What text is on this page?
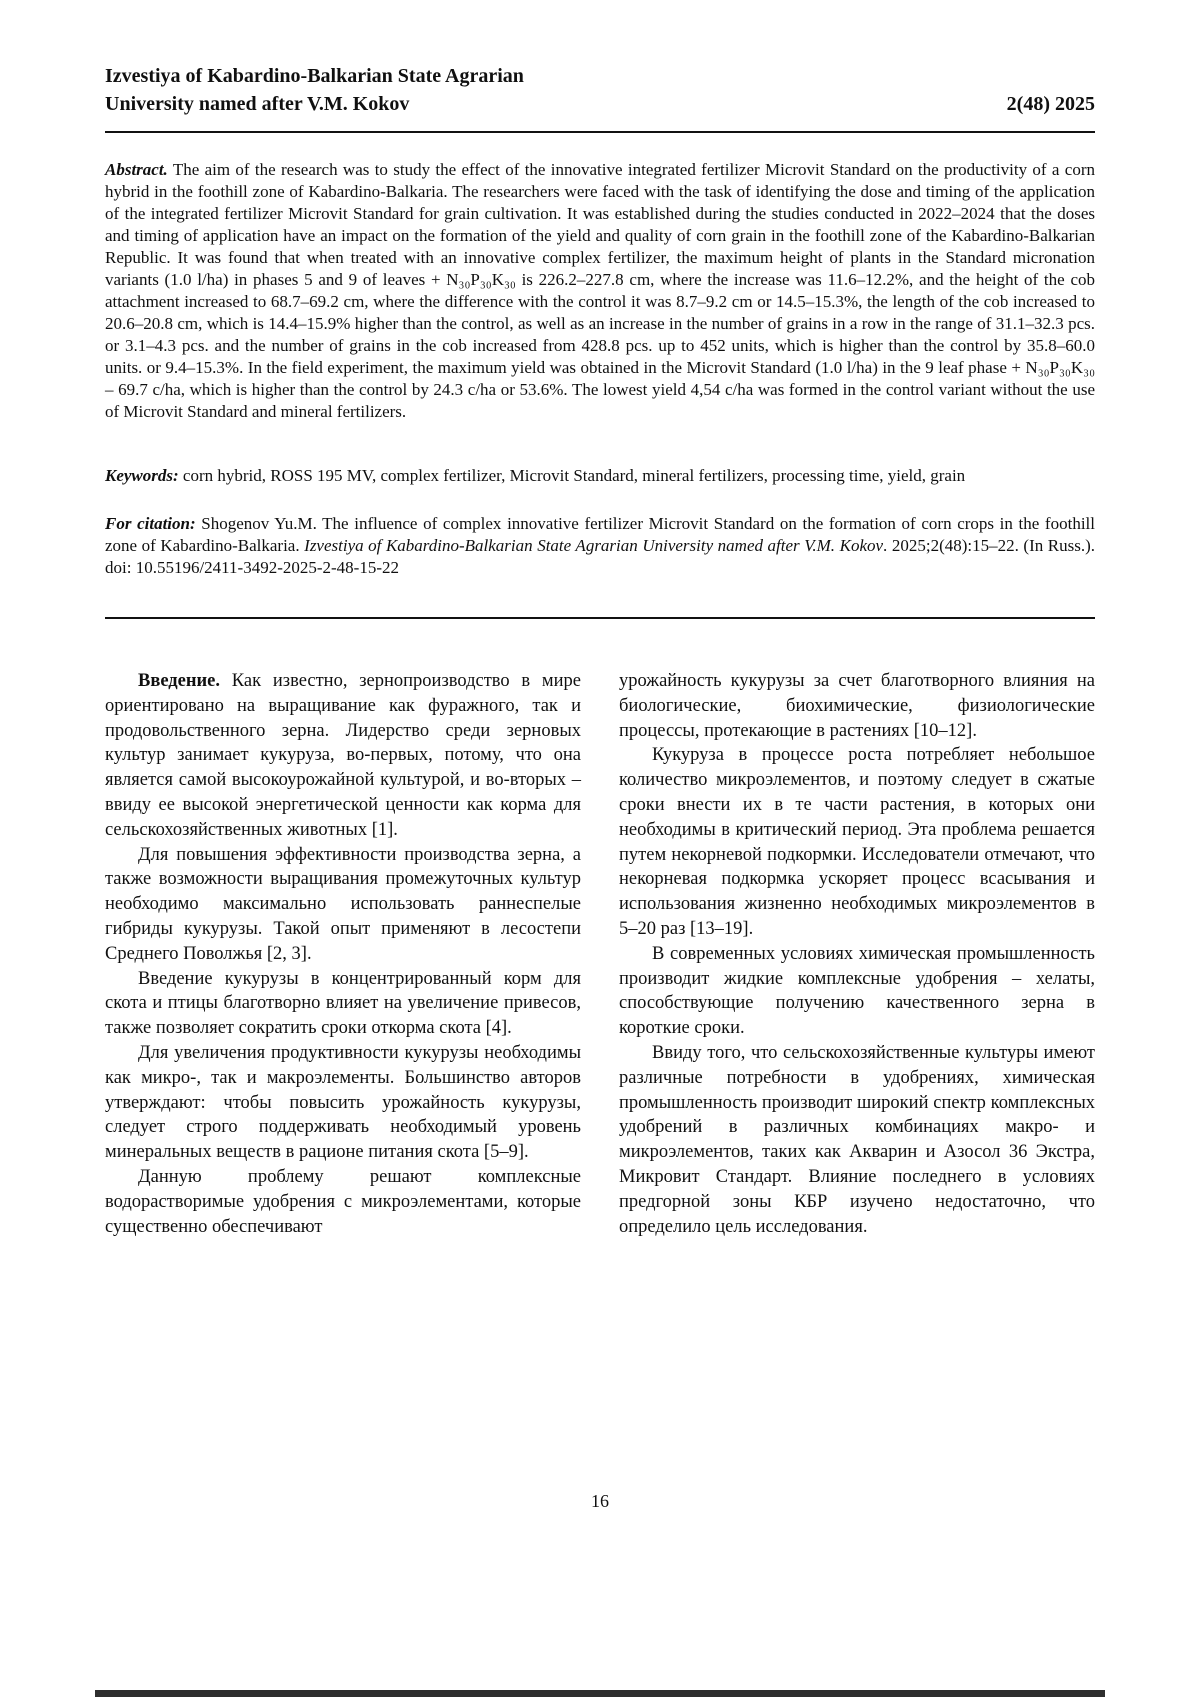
Izvestiya of Kabardino-Balkarian State Agrarian
University named after V.M. Kokov	2(48) 2025

Abstract. The aim of the research was to study the effect of the innovative integrated fertilizer Microvit Standard on the productivity of a corn hybrid in the foothill zone of Kabardino-Balkaria. The researchers were faced with the task of identifying the dose and timing of the application of the integrated fertilizer Microvit Standard for grain cultivation. It was established during the studies conducted in 2022–2024 that the doses and timing of application have an impact on the formation of the yield and quality of corn grain in the foothill zone of the Kabardino-Balkarian Republic. It was found that when treated with an innovative complex fertilizer, the maximum height of plants in the Standard micronation variants (1.0 l/ha) in phases 5 and 9 of leaves + N₃₀P₃₀K₃₀ is 226.2–227.8 cm, where the increase was 11.6–12.2%, and the height of the cob attachment increased to 68.7–69.2 cm, where the difference with the control it was 8.7–9.2 cm or 14.5–15.3%, the length of the cob increased to 20.6–20.8 cm, which is 14.4–15.9% higher than the control, as well as an increase in the number of grains in a row in the range of 31.1–32.3 pcs. or 3.1–4.3 pcs. and the number of grains in the cob increased from 428.8 pcs. up to 452 units, which is higher than the control by 35.8–60.0 units. or 9.4–15.3%. In the field experiment, the maximum yield was obtained in the Microvit Standard (1.0 l/ha) in the 9 leaf phase + N₃₀P₃₀K₃₀ – 69.7 c/ha, which is higher than the control by 24.3 c/ha or 53.6%. The lowest yield 4,54 c/ha was formed in the control variant without the use of Microvit Standard and mineral fertilizers.

Keywords: corn hybrid, ROSS 195 MV, complex fertilizer, Microvit Standard, mineral fertilizers, processing time, yield, grain

For citation: Shogenov Yu.M. The influence of complex innovative fertilizer Microvit Standard on the formation of corn crops in the foothill zone of Kabardino-Balkaria. Izvestiya of Kabardino-Balkarian State Agrarian University named after V.M. Kokov. 2025;2(48):15–22. (In Russ.). doi: 10.55196/2411-3492-2025-2-48-15-22

Введение. Как известно, зернопроизводство в мире ориентировано на выращивание как фуражного, так и продовольственного зерна. Лидерство среди зерновых культур занимает кукуруза, во-первых, потому, что она является самой высокоурожайной культурой, и во-вторых – ввиду ее высокой энергетической ценности как корма для сельскохозяйственных животных [1].

Для повышения эффективности производства зерна, а также возможности выращивания промежуточных культур необходимо максимально использовать раннеспелые гибриды кукурузы. Такой опыт применяют в лесостепи Среднего Поволжья [2, 3].

Введение кукурузы в концентрированный корм для скота и птицы благотворно влияет на увеличение привесов, также позволяет сократить сроки откорма скота [4].

Для увеличения продуктивности кукурузы необходимы как микро-, так и макроэлементы. Большинство авторов утверждают: чтобы повысить урожайность кукурузы, следует строго поддерживать необходимый уровень минеральных веществ в рационе питания скота [5–9].

Данную проблему решают комплексные водорастворимые удобрения с микроэлементами, которые существенно обеспечивают

урожайность кукурузы за счет благотворного влияния на биологические, биохимические, физиологические процессы, протекающие в растениях [10–12].

Кукуруза в процессе роста потребляет небольшое количество микроэлементов, и поэтому следует в сжатые сроки внести их в те части растения, в которых они необходимы в критический период. Эта проблема решается путем некорневой подкормки. Исследователи отмечают, что некорневая подкормка ускоряет процесс всасывания и использования жизненно необходимых микроэлементов в 5–20 раз [13–19].

В современных условиях химическая промышленность производит жидкие комплексные удобрения – хелаты, способствующие получению качественного зерна в короткие сроки.

Ввиду того, что сельскохозяйственные культуры имеют различные потребности в удобрениях, химическая промышленность производит широкий спектр комплексных удобрений в различных комбинациях макро- и микроэлементов, таких как Акварин и Азосол 36 Экстра, Микровит Стандарт. Влияние последнего в условиях предгорной зоны КБР изучено недостаточно, что определило цель исследования.

16
